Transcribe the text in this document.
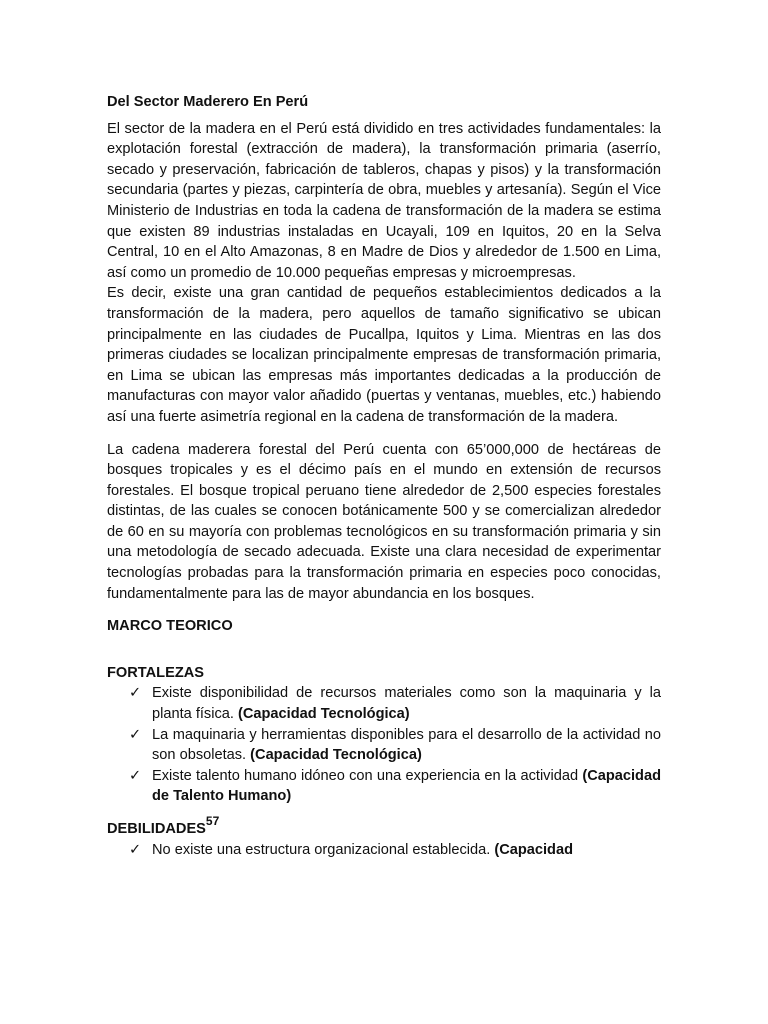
Del Sector Maderero En Perú

El sector de la madera en el Perú está dividido en tres actividades fundamentales: la explotación forestal (extracción de madera), la transformación primaria (aserrío, secado y preservación, fabricación de tableros, chapas y pisos) y la transformación secundaria (partes y piezas, carpintería de obra, muebles y artesanía). Según el Vice Ministerio de Industrias en toda la cadena de transformación de la madera se estima que existen 89 industrias instaladas en Ucayali, 109 en Iquitos, 20 en la Selva Central, 10 en el Alto Amazonas, 8 en Madre de Dios y alrededor de 1.500 en Lima, así como un promedio de 10.000 pequeñas empresas y microempresas.

Es decir, existe una gran cantidad de pequeños establecimientos dedicados a la transformación de la madera, pero aquellos de tamaño significativo se ubican principalmente en las ciudades de Pucallpa, Iquitos y Lima. Mientras en las dos primeras ciudades se localizan principalmente empresas de transformación primaria, en Lima se ubican las empresas más importantes dedicadas a la producción de manufacturas con mayor valor añadido (puertas y ventanas, muebles, etc.) habiendo así una fuerte asimetría regional en la cadena de transformación de la madera.

La cadena maderera forestal del Perú cuenta con 65’000,000 de hectáreas de bosques tropicales y es el décimo país en el mundo en extensión de recursos forestales. El bosque tropical peruano tiene alrededor de 2,500 especies forestales distintas, de las cuales se conocen botánicamente 500 y se comercializan alrededor de 60 en su mayoría con problemas tecnológicos en su transformación primaria y sin una metodología de secado adecuada. Existe una clara necesidad de experimentar tecnologías probadas para la transformación primaria en especies poco conocidas, fundamentalmente para las de mayor abundancia en los bosques.

MARCO TEORICO

FORTALEZAS

✓ Existe disponibilidad de recursos materiales como son la maquinaria y la planta física. (Capacidad Tecnológica)
✓ La maquinaria y herramientas disponibles para el desarrollo de la actividad no son obsoletas. (Capacidad Tecnológica)
✓ Existe talento humano idóneo con una experiencia en la actividad (Capacidad de Talento Humano)

DEBILIDADES$^{57}$

✓ No existe una estructura organizacional establecida. (Capacidad
